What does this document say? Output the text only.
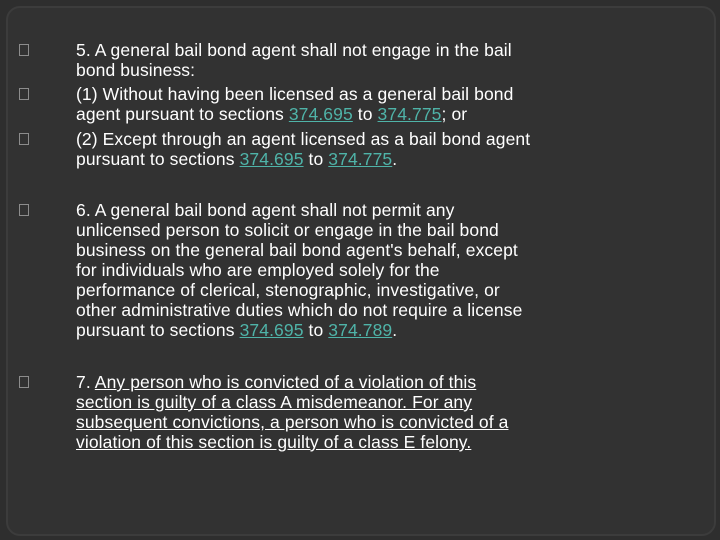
5. A general bail bond agent shall not engage in the bail
bond business:
(1) Without having been licensed as a general bail bond
agent pursuant to sections 374.695 to 374.775; or
(2) Except through an agent licensed as a bail bond agent
pursuant to sections 374.695 to 374.775.
6. A general bail bond agent shall not permit any
unlicensed person to solicit or engage in the bail bond
business on the general bail bond agent's behalf, except
for individuals who are employed solely for the
performance of clerical, stenographic, investigative, or
other administrative duties which do not require a license
pursuant to sections 374.695 to 374.789.
7. Any person who is convicted of a violation of this
section is guilty of a class A misdemeanor. For any
subsequent convictions, a person who is convicted of a
violation of this section is guilty of a class E felony.
